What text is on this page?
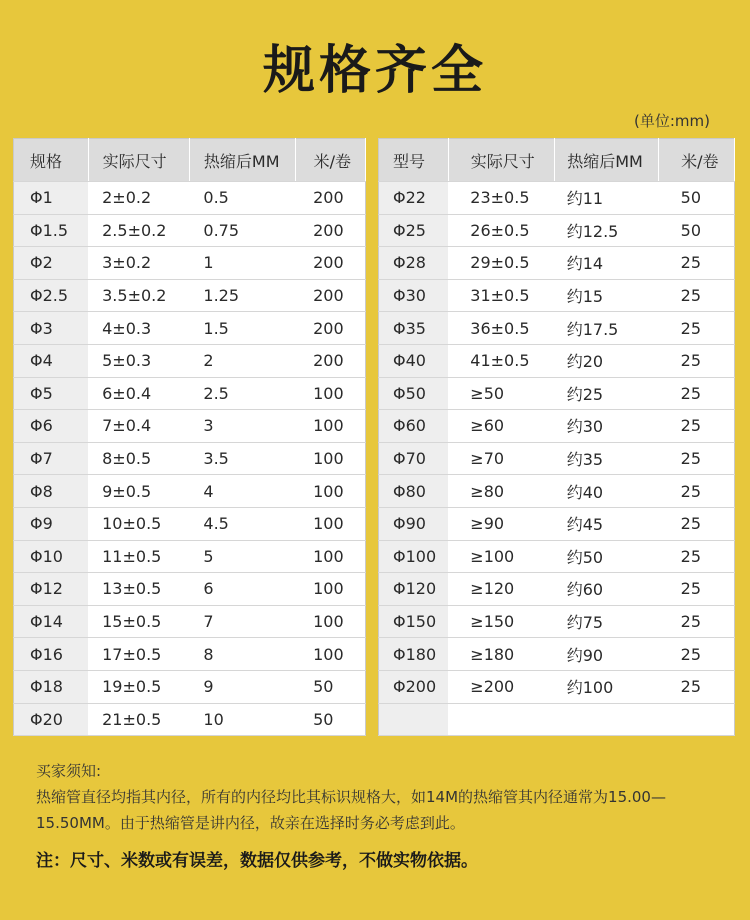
规格齐全
(单位:mm)
规格	实际尺寸	热缩后MM	米/卷
Φ1	2±0.2	0.5	200
Φ1.5	2.5±0.2	0.75	200
Φ2	3±0.2	1	200
Φ2.5	3.5±0.2	1.25	200
Φ3	4±0.3	1.5	200
Φ4	5±0.3	2	200
Φ5	6±0.4	2.5	100
Φ6	7±0.4	3	100
Φ7	8±0.5	3.5	100
Φ8	9±0.5	4	100
Φ9	10±0.5	4.5	100
Φ10	11±0.5	5	100
Φ12	13±0.5	6	100
Φ14	15±0.5	7	100
Φ16	17±0.5	8	100
Φ18	19±0.5	9	50
Φ20	21±0.5	10	50
型号	实际尺寸	热缩后MM	米/卷
Φ22	23±0.5	约11	50
Φ25	26±0.5	约12.5	50
Φ28	29±0.5	约14	25
Φ30	31±0.5	约15	25
Φ35	36±0.5	约17.5	25
Φ40	41±0.5	约20	25
Φ50	≥50	约25	25
Φ60	≥60	约30	25
Φ70	≥70	约35	25
Φ80	≥80	约40	25
Φ90	≥90	约45	25
Φ100	≥100	约50	25
Φ120	≥120	约60	25
Φ150	≥150	约75	25
Φ180	≥180	约90	25
Φ200	≥200	约100	25

买家须知:

热缩管直径均指其内径，所有的内径均比其标识规格大，如14M的热缩管其内径通常为15.00—15.50MM。由于热缩管是讲内径，故亲在选择时务必考虑到此。

注：尺寸、米数或有误差，数据仅供参考，不做实物依据。
